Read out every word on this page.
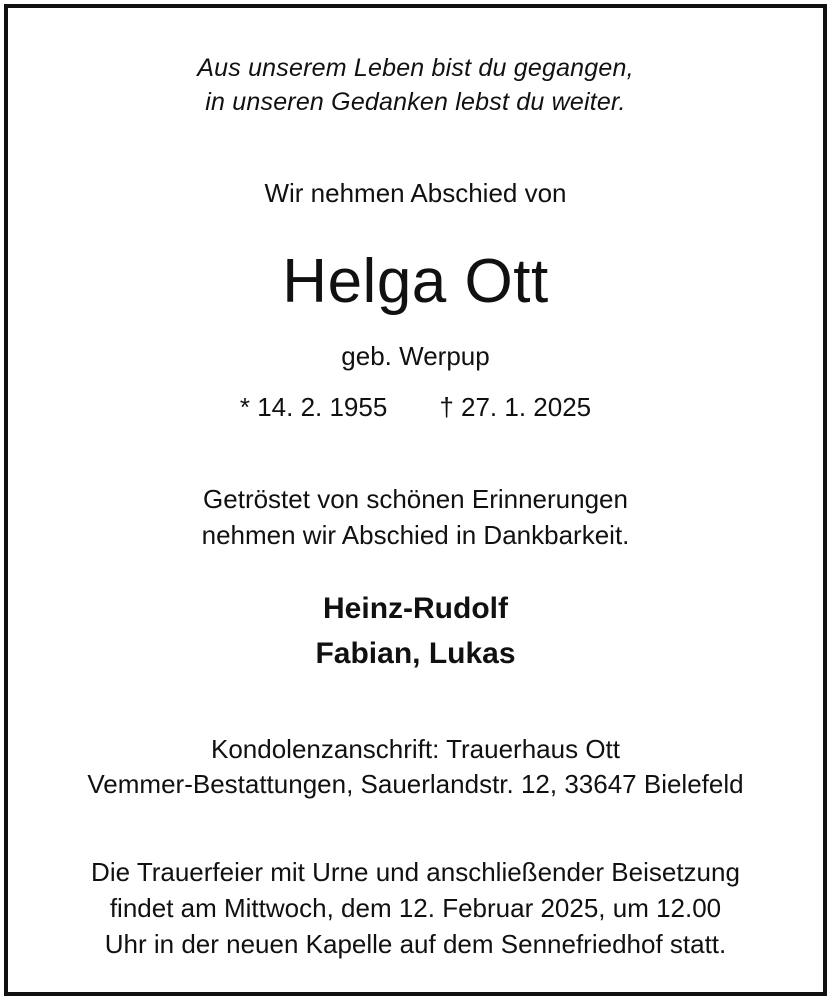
Aus unserem Leben bist du gegangen,
in unseren Gedanken lebst du weiter.
Wir nehmen Abschied von
Helga Ott
geb. Werpup
* 14. 2. 1955 † 27. 1. 2025
Getröstet von schönen Erinnerungen
nehmen wir Abschied in Dankbarkeit.
Heinz-Rudolf
Fabian, Lukas
Kondolenzanschrift: Trauerhaus Ott
Vemmer-Bestattungen, Sauerlandstr. 12, 33647 Bielefeld
Die Trauerfeier mit Urne und anschließender Beisetzung
findet am Mittwoch, dem 12. Februar 2025, um 12.00
Uhr in der neuen Kapelle auf dem Sennefriedhof statt.
